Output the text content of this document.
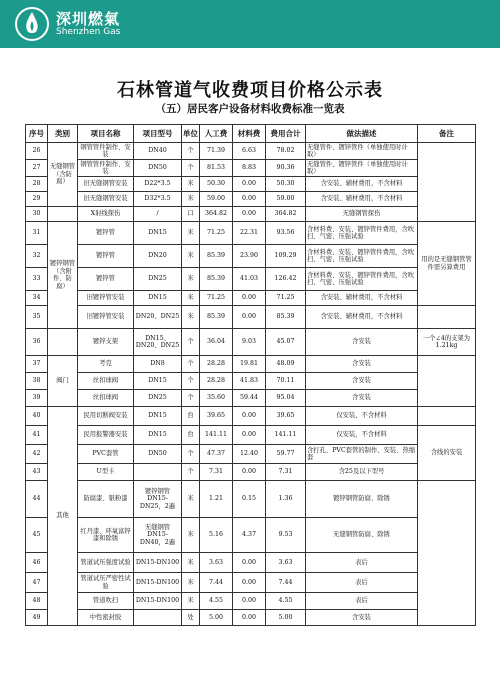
深圳燃氣
Shenzhen Gas
石林管道气收费项目价格公示表
（五）居民客户设备材料收费标准一览表
序号	类别	项目名称	项目型号	单位	人工费	材料费	费用合计	做法描述	备注
26	无缝钢管（含防腐）	钢管管件制作、安装	DN40	个	71.39	6.63	78.02	无缝管件、镀锌管件（单独使用时计取）	
27		钢管管件制作、安装	DN50	个	81.53	8.83	90.36	无缝管件、镀锌管件（单独使用时计取）	
28		旧无缝钢管安装	D22*3.5	米	50.30	0.00	50.30	含安装、辅材费用，不含材料	
29		旧无缝钢管安装	D32*3.5	米	59.00	0.00	59.00	含安装、辅材费用，不含材料	
30		X射线探伤	/	口	364.82	0.00	364.82	无缝钢管探伤	
31	镀锌钢管（含附件、防腐）	镀锌管	DN15	米	71.25	22.31	93.56	含材料费、安装、镀锌管件费用，含吹扫、气密、压强试验	用的是无缝钢管管件需另算费用
32		镀锌管	DN20	米	85.39	23.90	109.29	含材料费、安装、镀锌管件费用，含吹扫、气密、压强试验	
33		镀锌管	DN25	米	85.39	41.03	126.42	含材料费、安装、镀锌管件费用，含吹扫、气密、压强试验	
34		旧镀锌管安装	DN15	米	71.25	0.00	71.25	含安装、辅材费用，不含材料	
35		旧镀锌管安装	DN20、DN25	米	85.39	0.00	85.39	含安装、辅材费用，不含材料	
36		镀锌支架	DN15、DN20、DN25	个	36.04	9.03	45.07	含安装	一个∠4的支架为1.21kg
37	阀门	考克	DN8	个	28.28	19.81	48.09	含安装	
38		丝扣球阀	DN15	个	28.28	41.83	70.11	含安装	
39		丝扣球阀	DN25	个	35.60	59.44	95.04	含安装	
40	其他	民用切断阀安装	DN15	台	39.65	0.00	39.65	仅安装，不含材料	
41		民用报警器安装	DN15	台	141.11	0.00	141.11	仅安装，不含材料	含线的安装
42		PVC套管	DN50	个	47.37	12.40	59.77	含打孔、PVC套管的制作、安装、热缩套	
43		U型卡		个	7.31	0.00	7.31	含25及以下型号	
44		防腐漆、银粉漆	镀锌钢管DN15-DN25，2遍	米	1.21	0.15	1.36	镀锌钢管防腐、除锈	
45		红丹漆、环氧富锌漆和除锈	无缝钢管DN15-DN40，2遍	米	5.16	4.37	9.53	无缝钢管防腐、除锈	
46		管道试压强度试验	DN15-DN100	米	3.63	0.00	3.63	表后	
47		管道试压严密性试验	DN15-DN100	米	7.44	0.00	7.44	表后	
48		管道吹扫	DN15-DN100	米	4.55	0.00	4.55	表后	
49		中性密封胶		处	5.00	0.00	5.00	含安装	
